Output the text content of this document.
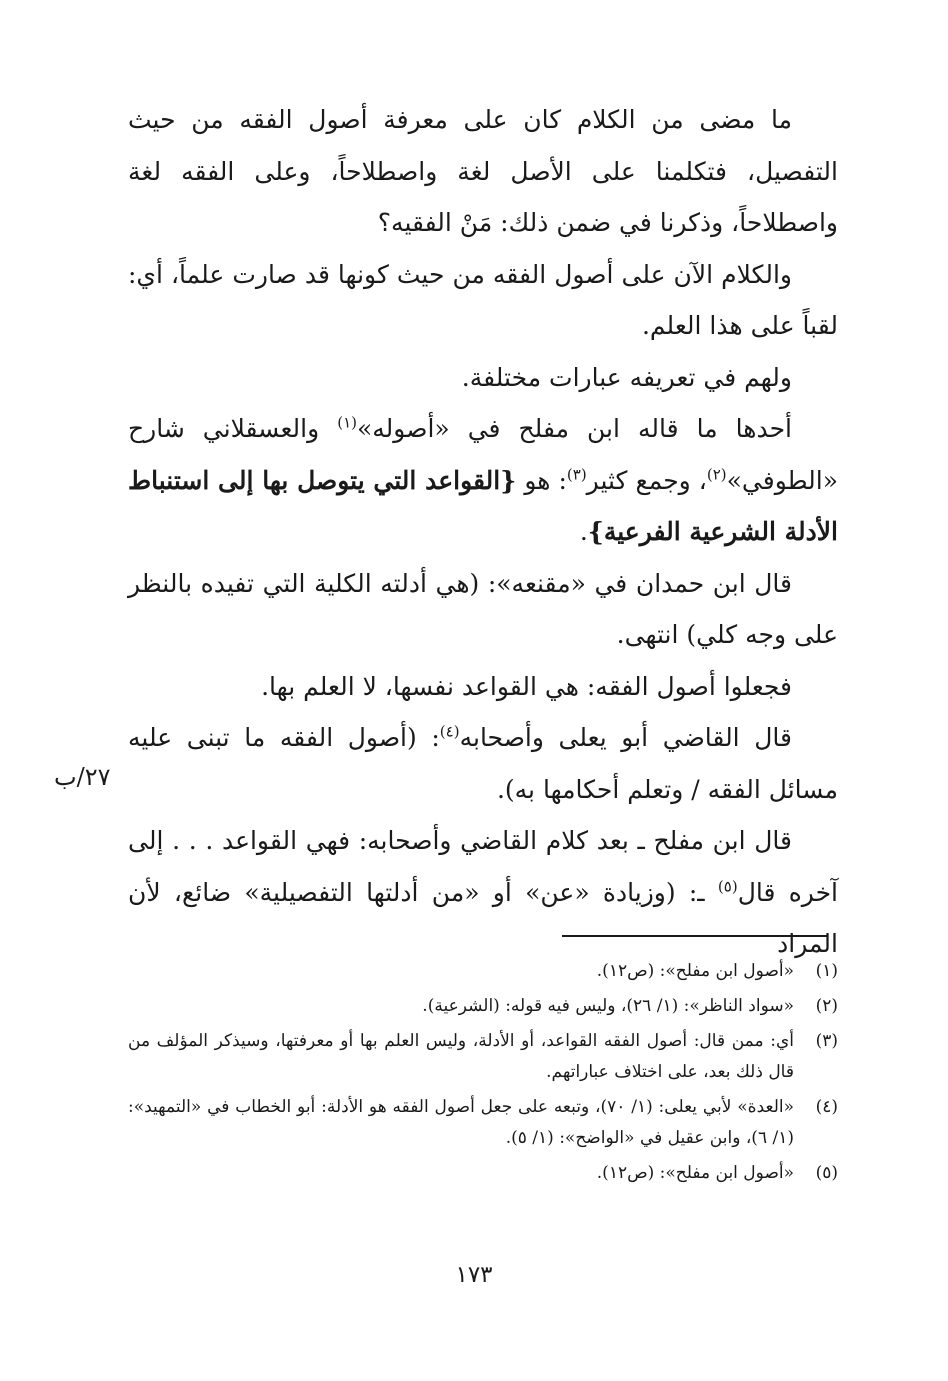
ما مضى من الكلام كان على معرفة أصول الفقه من حيث التفصيل، فتكلمنا على الأصل لغة واصطلاحاً، وعلى الفقه لغة واصطلاحاً، وذكرنا في ضمن ذلك: مَنْ الفقيه؟

والكلام الآن على أصول الفقه من حيث كونها قد صارت علماً، أي: لقباً على هذا العلم.

ولهم في تعريفه عبارات مختلفة.

أحدها ما قاله ابن مفلح في «أصوله»$^{(١)}$ والعسقلاني شارح «الطوفي»$^{(٢)}$، وجمع كثير$^{(٣)}$: هو {القواعد التي يتوصل بها إلى استنباط الأدلة الشرعية الفرعية}.

قال ابن حمدان في «مقنعه»: (هي أدلته الكلية التي تفيده بالنظر على وجه كلي) انتهى.

فجعلوا أصول الفقه: هي القواعد نفسها، لا العلم بها.

قال القاضي أبو يعلى وأصحابه$^{(٤)}$: (أصول الفقه ما تبنى عليه مسائل الفقه / وتعلم أحكامها به).

قال ابن مفلح ـ بعد كلام القاضي وأصحابه: فهي القواعد . . . إلى آخره قال$^{(٥)}$ ـ: (وزيادة «عن» أو «من أدلتها التفصيلية» ضائع، لأن المراد

٢٧/ب
(١)
«أصول ابن مفلح»: (ص١٢).
(٢)
«سواد الناظر»: (١/ ٢٦)، وليس فيه قوله: (الشرعية).
(٣)
أي: ممن قال: أصول الفقه القواعد، أو الأدلة، وليس العلم بها أو معرفتها، وسيذكر المؤلف من قال ذلك بعد، على اختلاف عباراتهم.
(٤)
«العدة» لأبي يعلى: (١/ ٧٠)، وتبعه على جعل أصول الفقه هو الأدلة: أبو الخطاب في «التمهيد»: (١/ ٦)، وابن عقيل في «الواضح»: (١/ ٥).
(٥)
«أصول ابن مفلح»: (ص١٢).
١٧٣
